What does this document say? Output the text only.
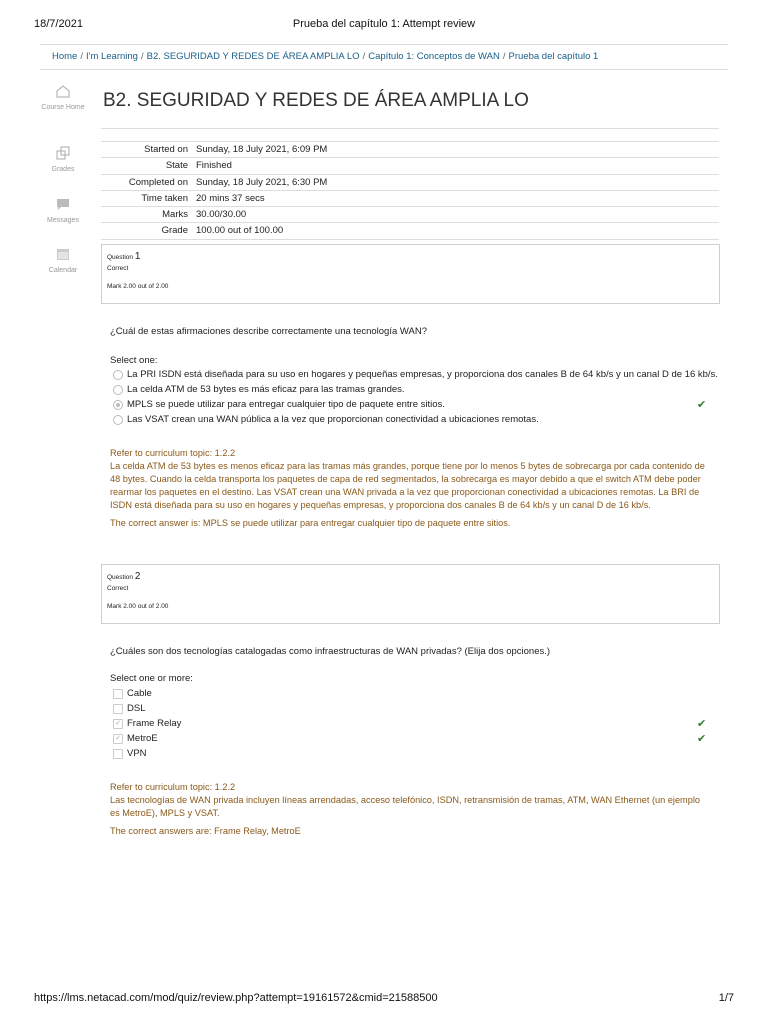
18/7/2021	Prueba del capítulo 1: Attempt review
Home / I'm Learning / B2. SEGURIDAD Y REDES DE ÁREA AMPLIA LO / Capítulo 1: Conceptos de WAN / Prueba del capítulo 1
Course Home
Grades
Messages
Calendar
B2. SEGURIDAD Y REDES DE ÁREA AMPLIA LO
Started on Sunday, 18 July 2021, 6:09 PM
State Finished
Completed on Sunday, 18 July 2021, 6:30 PM
Time taken 20 mins 37 secs
Marks 30.00/30.00
Grade 100.00 out of 100.00
Question 1
Correct
Mark 2.00 out of 2.00
¿Cuál de estas afirmaciones describe correctamente una tecnología WAN?
Select one:
La PRI ISDN está diseñada para su uso en hogares y pequeñas empresas, y proporciona dos canales B de 64 kb/s y un canal D de 16 kb/s.
La celda ATM de 53 bytes es más eficaz para las tramas grandes.
MPLS se puede utilizar para entregar cualquier tipo de paquete entre sitios.	✔
Las VSAT crean una WAN pública a la vez que proporcionan conectividad a ubicaciones remotas.

Refer to curriculum topic: 1.2.2

La celda ATM de 53 bytes es menos eficaz para las tramas más grandes, porque tiene por lo menos 5 bytes de sobrecarga por cada contenido de 48 bytes. Cuando la celda transporta los paquetes de capa de red segmentados, la sobrecarga es mayor debido a que el switch ATM debe poder rearmar los paquetes en el destino. Las VSAT crean una WAN privada a la vez que proporcionan conectividad a ubicaciones remotas. La BRI de ISDN está diseñada para su uso en hogares y pequeñas empresas, y proporciona dos canales B de 64 kb/s y un canal D de 16 kb/s.

The correct answer is: MPLS se puede utilizar para entregar cualquier tipo de paquete entre sitios.
Question 2
Correct
Mark 2.00 out of 2.00
¿Cuáles son dos tecnologías catalogadas como infraestructuras de WAN privadas? (Elija dos opciones.)
Select one or more:
Cable
DSL
✓ Frame Relay	✔
✓ MetroE	✔
VPN

Refer to curriculum topic: 1.2.2

Las tecnologías de WAN privada incluyen líneas arrendadas, acceso telefónico, ISDN, retransmisión de tramas, ATM, WAN Ethernet (un ejemplo es MetroE), MPLS y VSAT.

The correct answers are: Frame Relay, MetroE
https://lms.netacad.com/mod/quiz/review.php?attempt=19161572&cmid=21588500	1/7
